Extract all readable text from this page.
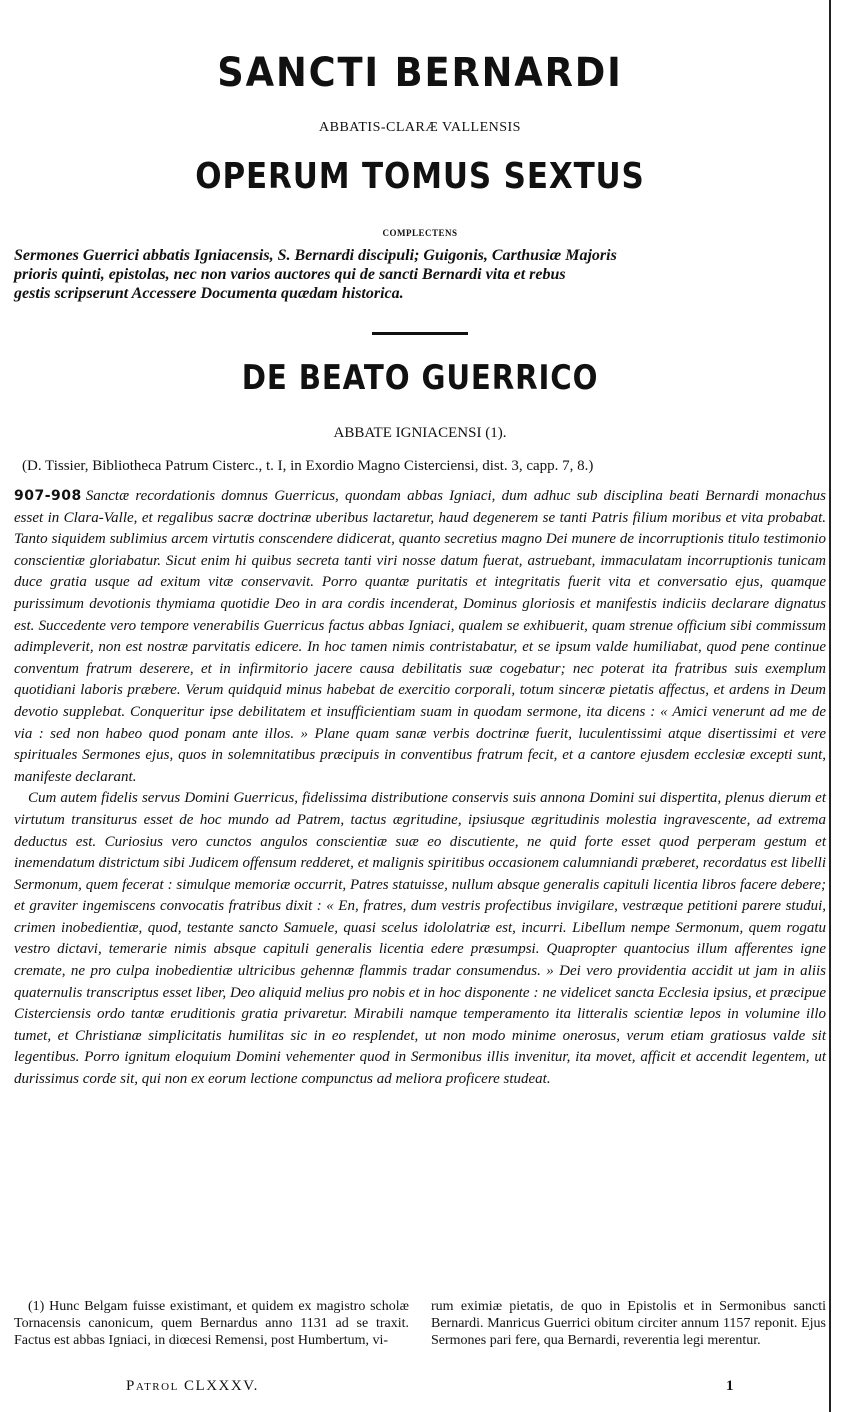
SANCTI BERNARDI

ABBATIS-CLARÆ VALLENSIS

OPERUM TOMUS SEXTUS

COMPLECTENS

Sermones Guerrici abbatis Igniacensis, S. Bernardi discipuli; Guigonis, Carthusiæ Majoris
prioris quinti, epistolas, nec non varios auctores qui de sancti Bernardi vita et rebus
gestis scripserunt Accessere Documenta quædam historica.
DE BEATO GUERRICO

ABBATE IGNIACENSI (1).

(D. Tissier, Bibliotheca Patrum Cisterc., t. I, in Exordio Magno Cisterciensi, dist. 3, capp. 7, 8.)

907-908 Sanctæ recordationis domnus Guerricus, quondam abbas Igniaci, dum adhuc sub disciplina beati Bernardi monachus esset in Clara-Valle, et regalibus sacræ doctrinæ uberibus lactaretur, haud degenerem se tanti Patris filium moribus et vita probabat. Tanto siquidem sublimius arcem virtutis conscendere didicerat, quanto secretius magno Dei munere de incorruptionis titulo testimonio conscientiæ gloriabatur. Sicut enim hi quibus secreta tanti viri nosse datum fuerat, astruebant, immaculatam incorruptionis tunicam duce gratia usque ad exitum vitæ conservavit. Porro quantæ puritatis et integritatis fuerit vita et conversatio ejus, quamque purissimum devotionis thymiama quotidie Deo in ara cordis incenderat, Dominus gloriosis et manifestis indiciis declarare dignatus est. Succedente vero tempore venerabilis Guerricus factus abbas Igniaci, qualem se exhibuerit, quam strenue officium sibi commissum adimpleverit, non est nostræ parvitatis edicere. In hoc tamen nimis contristabatur, et se ipsum valde humiliabat, quod pene continue conventum fratrum deserere, et in infirmitorio jacere causa debilitatis suæ cogebatur; nec poterat ita fratribus suis exemplum quotidiani laboris præbere. Verum quidquid minus habebat de exercitio corporali, totum sinceræ pietatis affectus, et ardens in Deum devotio supplebat. Conqueritur ipse debilitatem et insufficientiam suam in quodam sermone, ita dicens : « Amici venerunt ad me de via : sed non habeo quod ponam ante illos. » Plane quam sanæ verbis doctrinæ fuerit, luculentissimi atque disertissimi et vere spirituales Sermones ejus, quos in solemnitatibus præcipuis in conventibus fratrum fecit, et a cantore ejusdem ecclesiæ excepti sunt, manifeste declarant.

Cum autem fidelis servus Domini Guerricus, fidelissima distributione conservis suis annona Domini sui dispertita, plenus dierum et virtutum transiturus esset de hoc mundo ad Patrem, tactus ægritudine, ipsiusque ægritudinis molestia ingravescente, ad extrema deductus est. Curiosius vero cunctos angulos conscientiæ suæ eo discutiente, ne quid forte esset quod perperam gestum et inemendatum districtum sibi Judicem offensum redderet, et malignis spiritibus occasionem calumniandi præberet, recordatus est libelli Sermonum, quem fecerat : simulque memoriæ occurrit, Patres statuisse, nullum absque generalis capituli licentia libros facere debere; et graviter ingemiscens convocatis fratribus dixit : « En, fratres, dum vestris profectibus invigilare, vestræque petitioni parere studui, crimen inobedientiæ, quod, testante sancto Samuele, quasi scelus idololatriæ est, incurri. Libellum nempe Sermonum, quem rogatu vestro dictavi, temerarie nimis absque capituli generalis licentia edere præsumpsi. Quapropter quantocius illum afferentes igne cremate, ne pro culpa inobedientiæ ultricibus gehennæ flammis tradar consumendus. » Dei vero providentia accidit ut jam in aliis quaternulis transcriptus esset liber, Deo aliquid melius pro nobis et in hoc disponente : ne videlicet sancta Ecclesia ipsius, et præcipue Cisterciensis ordo tantæ eruditionis gratia privaretur. Mirabili namque temperamento ita litteralis scientiæ lepos in volumine illo tumet, et Christianæ simplicitatis humilitas sic in eo resplendet, ut non modo minime onerosus, verum etiam gratiosus valde sit legentibus. Porro ignitum eloquium Domini vehementer quod in Sermonibus illis invenitur, ita movet, afficit et accendit legentem, ut durissimus corde sit, qui non ex eorum lectione compunctus ad meliora proficere studeat.

(1) Hunc Belgam fuisse existimant, et quidem ex magistro scholæ Tornacensis canonicum, quem Bernardus anno 1131 ad se traxit. Factus est abbas Igniaci, in diœcesi Remensi, post Humbertum, vi-

rum eximiæ pietatis, de quo in Epistolis et in Sermonibus sancti Bernardi. Manricus Guerrici obitum circiter annum 1157 reponit. Ejus Sermones pari fere, qua Bernardi, reverentia legi merentur.

Patrol CLXXXV.	1
